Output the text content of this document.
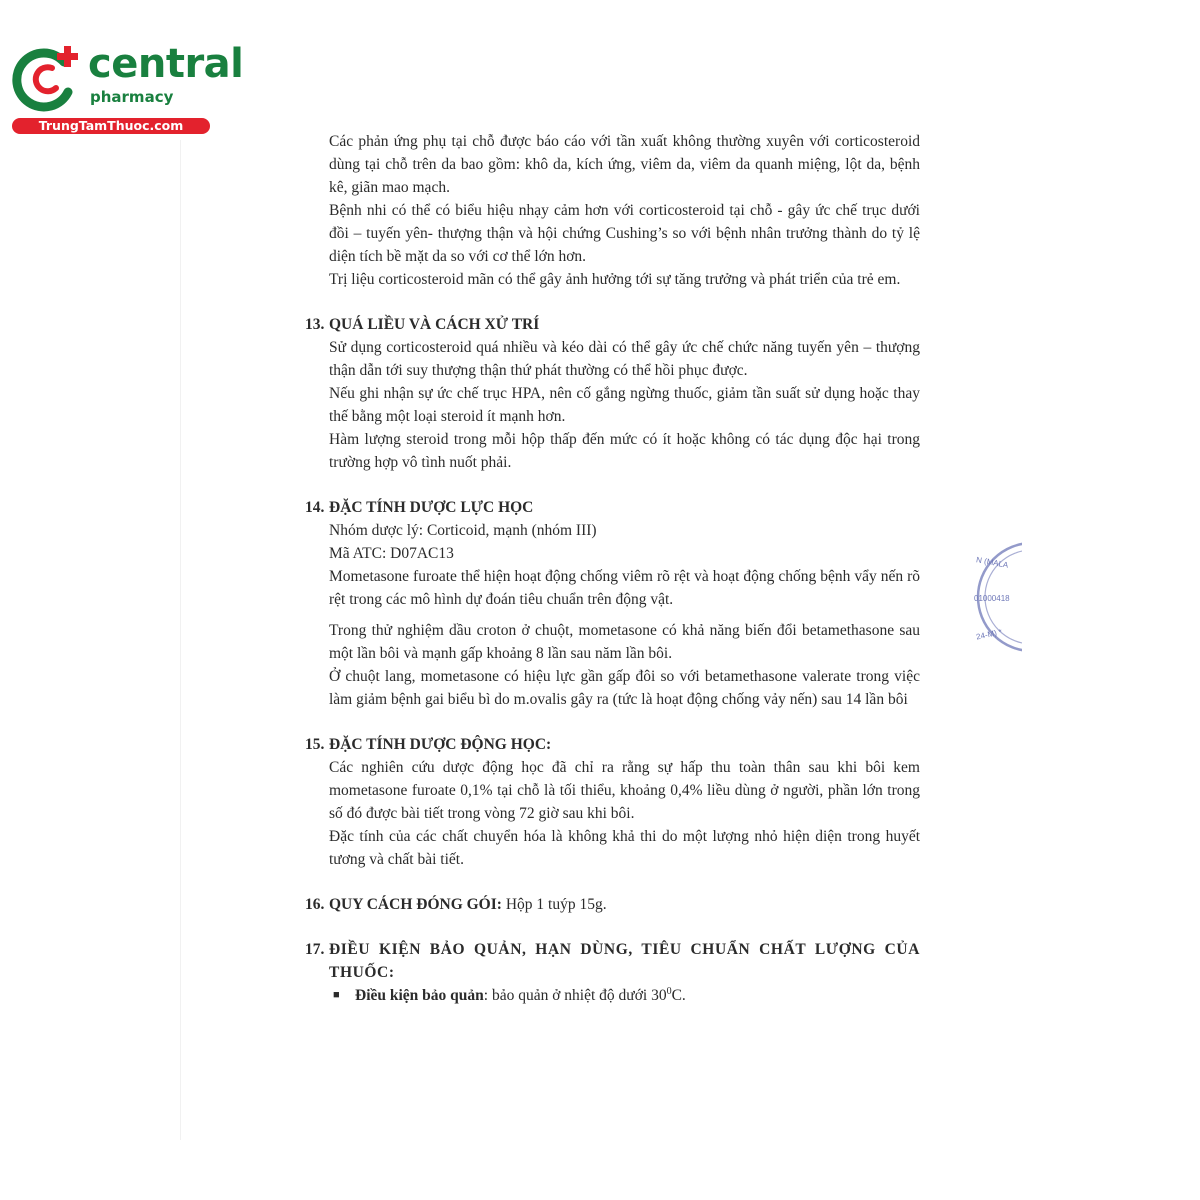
central
pharmacy
TrungTamThuoc.com
Các phản ứng phụ tại chỗ được báo cáo với tần xuất không thường xuyên với corticosteroid dùng tại chỗ trên da bao gồm: khô da, kích ứng, viêm da, viêm da quanh miệng, lột da, bệnh kê, giãn mao mạch.
Bệnh nhi có thể có biểu hiệu nhạy cảm hơn với corticosteroid tại chỗ - gây ức chế trục dưới đồi – tuyến yên- thượng thận và hội chứng Cushing’s so với bệnh nhân trưởng thành do tỷ lệ diện tích bề mặt da so với cơ thể lớn hơn.
Trị liệu corticosteroid mãn có thể gây ảnh hưởng tới sự tăng trưởng và phát triển của trẻ em.
13. QUÁ LIỀU VÀ CÁCH XỬ TRÍ
Sử dụng corticosteroid quá nhiều và kéo dài có thể gây ức chế chức năng tuyến yên – thượng thận dẫn tới suy thượng thận thứ phát thường có thể hồi phục được.
Nếu ghi nhận sự ức chế trục HPA, nên cố gắng ngừng thuốc, giảm tần suất sử dụng hoặc thay thế bằng một loại steroid ít mạnh hơn.
Hàm lượng steroid trong mỗi hộp thấp đến mức có ít hoặc không có tác dụng độc hại trong trường hợp vô tình nuốt phải.
14. ĐẶC TÍNH DƯỢC LỰC HỌC
Nhóm dược lý: Corticoid, mạnh (nhóm III)
Mã ATC: D07AC13
Mometasone furoate thể hiện hoạt động chống viêm rõ rệt và hoạt động chống bệnh vẩy nến rõ rệt trong các mô hình dự đoán tiêu chuẩn trên động vật.
Trong thử nghiệm dầu croton ở chuột, mometasone có khả năng biến đổi betamethasone sau một lần bôi và mạnh gấp khoảng 8 lần sau năm lần bôi.
Ở chuột lang, mometasone có hiệu lực gần gấp đôi so với betamethasone valerate trong việc làm giảm bệnh gai biểu bì do m.ovalis gây ra (tức là hoạt động chống vảy nến) sau 14 lần bôi
15. ĐẶC TÍNH DƯỢC ĐỘNG HỌC:
Các nghiên cứu dược động học đã chỉ ra rằng sự hấp thu toàn thân sau khi bôi kem mometasone furoate 0,1% tại chỗ là tối thiểu, khoảng 0,4% liều dùng ở người, phần lớn trong số đó được bài tiết trong vòng 72 giờ sau khi bôi.
Đặc tính của các chất chuyển hóa là không khả thi do một lượng nhỏ hiện diện trong huyết tương và chất bài tiết.
16. QUY CÁCH ĐÓNG GÓI: Hộp 1 tuýp 15g.
17. ĐIỀU KIỆN BẢO QUẢN, HẠN DÙNG, TIÊU CHUẨN CHẤT LƯỢNG CỦA THUỐC:
■ Điều kiện bảo quản: bảo quản ở nhiệt độ dưới $30^0C$.
N (MALA
01000418
24-M) *
